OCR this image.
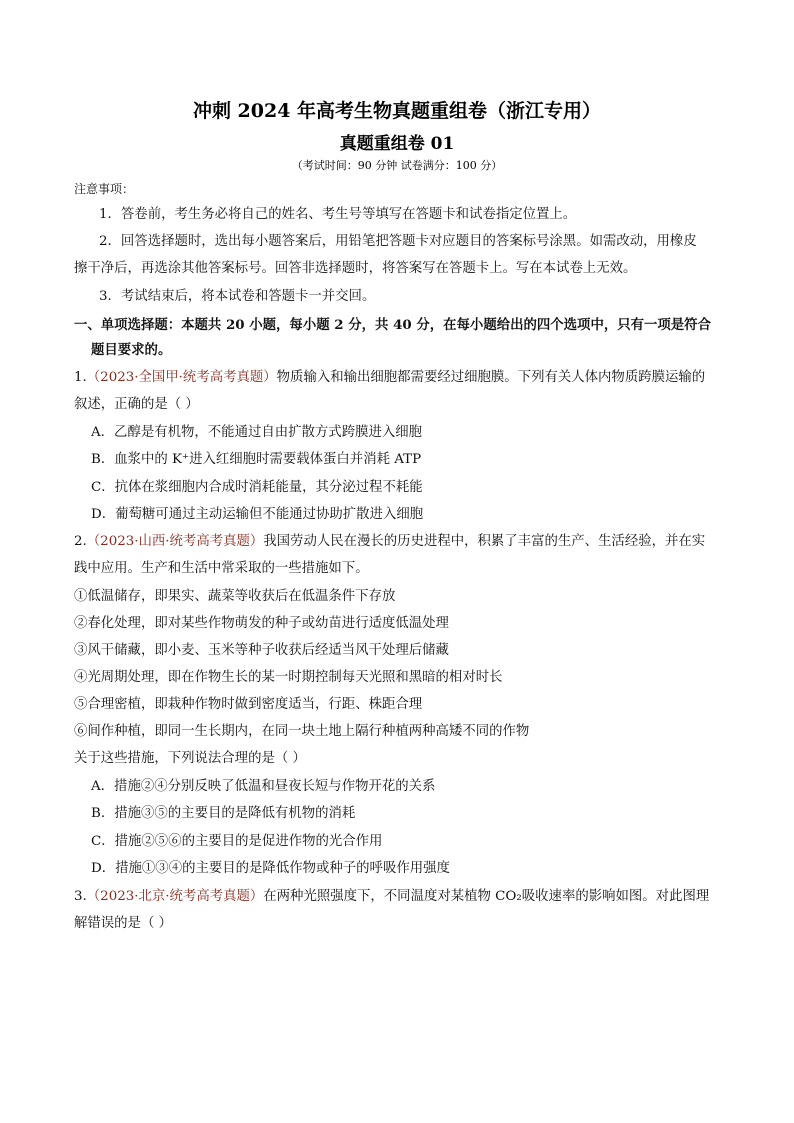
冲刺 2024 年高考生物真题重组卷（浙江专用）
真题重组卷 01
（考试时间：90 分钟 试卷满分：100 分）
注意事项：
1．答卷前，考生务必将自己的姓名、考生号等填写在答题卡和试卷指定位置上。
2．回答选择题时，选出每小题答案后，用铅笔把答题卡对应题目的答案标号涂黑。如需改动，用橡皮
擦干净后，再选涂其他答案标号。回答非选择题时，将答案写在答题卡上。写在本试卷上无效。
3．考试结束后，将本试卷和答题卡一并交回。
一、单项选择题：本题共 20 小题，每小题 2 分，共 40 分，在每小题给出的四个选项中，只有一项是符合
题目要求的。
1.（2023·全国甲·统考高考真题）物质输入和输出细胞都需要经过细胞膜。下列有关人体内物质跨膜运输的
叙述，正确的是（ ）
A．乙醇是有机物，不能通过自由扩散方式跨膜进入细胞
B．血浆中的 K⁺进入红细胞时需要载体蛋白并消耗 ATP
C．抗体在浆细胞内合成时消耗能量，其分泌过程不耗能
D．葡萄糖可通过主动运输但不能通过协助扩散进入细胞
2.（2023·山西·统考高考真题）我国劳动人民在漫长的历史进程中，积累了丰富的生产、生活经验，并在实
践中应用。生产和生活中常采取的一些措施如下。
①低温储存，即果实、蔬菜等收获后在低温条件下存放
②春化处理，即对某些作物萌发的种子或幼苗进行适度低温处理
③风干储藏，即小麦、玉米等种子收获后经适当风干处理后储藏
④光周期处理，即在作物生长的某一时期控制每天光照和黑暗的相对时长
⑤合理密植，即栽种作物时做到密度适当，行距、株距合理
⑥间作种植，即同一生长期内，在同一块土地上隔行种植两种高矮不同的作物
关于这些措施，下列说法合理的是（ ）
A．措施②④分别反映了低温和昼夜长短与作物开花的关系
B．措施③⑤的主要目的是降低有机物的消耗
C．措施②⑤⑥的主要目的是促进作物的光合作用
D．措施①③④的主要目的是降低作物或种子的呼吸作用强度
3.（2023·北京·统考高考真题）在两种光照强度下，不同温度对某植物 CO₂吸收速率的影响如图。对此图理
解错误的是（ ）
